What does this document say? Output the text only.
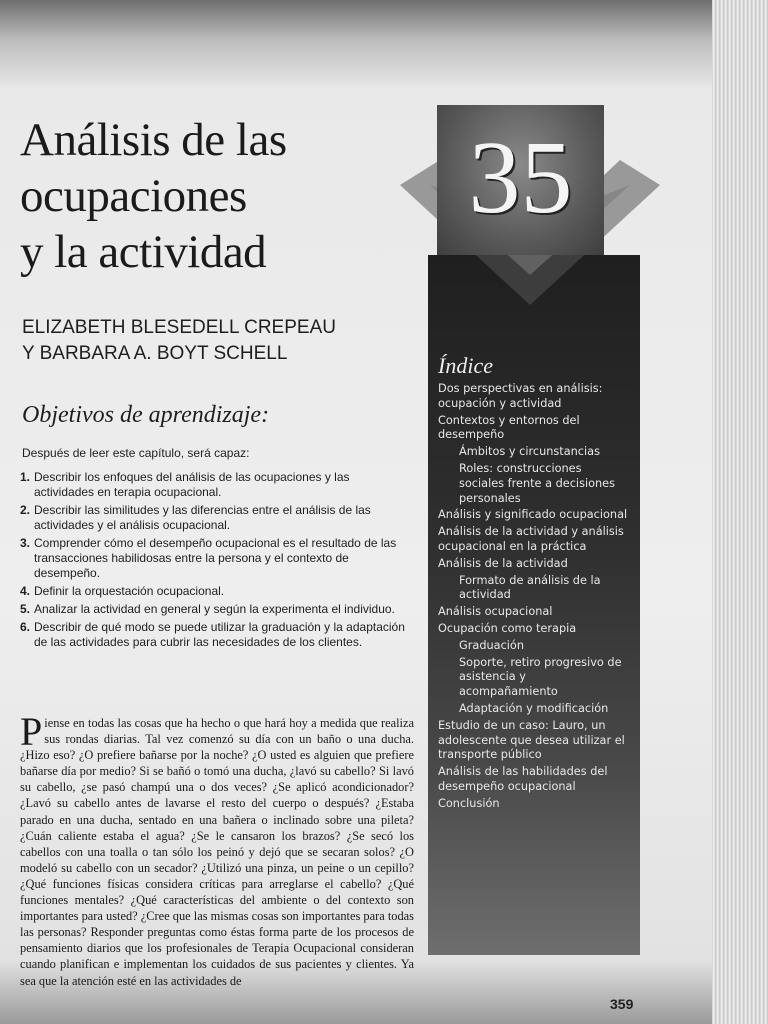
Análisis de las
ocupaciones
y la actividad
ELIZABETH BLESEDELL CREPEAU
Y BARBARA A. BOYT SCHELL
Objetivos de aprendizaje:
Después de leer este capítulo, será capaz:
1. Describir los enfoques del análisis de las ocupaciones y las actividades en terapia ocupacional.
2. Describir las similitudes y las diferencias entre el análisis de las actividades y el análisis ocupacional.
3. Comprender cómo el desempeño ocupacional es el resultado de las transacciones habilidosas entre la persona y el contexto de desempeño.
4. Definir la orquestación ocupacional.
5. Analizar la actividad en general y según la experimenta el individuo.
6. Describir de qué modo se puede utilizar la graduación y la adaptación de las actividades para cubrir las necesidades de los clientes.

Piense en todas las cosas que ha hecho o que hará hoy a medida que realiza sus rondas diarias. Tal vez comenzó su día con un baño o una ducha. ¿Hizo eso? ¿O prefiere bañarse por la noche? ¿O usted es alguien que prefiere bañarse día por medio? Si se bañó o tomó una ducha, ¿lavó su cabello? Si lavó su cabello, ¿se pasó champú una o dos veces? ¿Se aplicó acondicionador? ¿Lavó su cabello antes de lavarse el resto del cuerpo o después? ¿Estaba parado en una ducha, sentado en una bañera o inclinado sobre una pileta? ¿Cuán caliente estaba el agua? ¿Se le cansaron los brazos? ¿Se secó los cabellos con una toalla o tan sólo los peinó y dejó que se secaran solos? ¿O modeló su cabello con un secador? ¿Utilizó una pinza, un peine o un cepillo? ¿Qué funciones físicas considera críticas para arreglarse el cabello? ¿Qué funciones mentales? ¿Qué características del ambiente o del contexto son importantes para usted? ¿Cree que las mismas cosas son importantes para todas las personas? Responder preguntas como éstas forma parte de los procesos de pensamiento diarios que los profesionales de Terapia Ocupacional consideran cuando planifican e implementan los cuidados de sus pacientes y clientes. Ya sea que la atención esté en las actividades de

35
Índice
Dos perspectivas en análisis: ocupación y actividad
Contextos y entornos del desempeño
Ámbitos y circunstancias
Roles: construcciones sociales frente a decisiones personales
Análisis y significado ocupacional
Análisis de la actividad y análisis ocupacional en la práctica
Análisis de la actividad
Formato de análisis de la actividad
Análisis ocupacional
Ocupación como terapia
Graduación
Soporte, retiro progresivo de asistencia y acompañamiento
Adaptación y modificación
Estudio de un caso: Lauro, un adolescente que desea utilizar el transporte público
Análisis de las habilidades del desempeño ocupacional
Conclusión
359
